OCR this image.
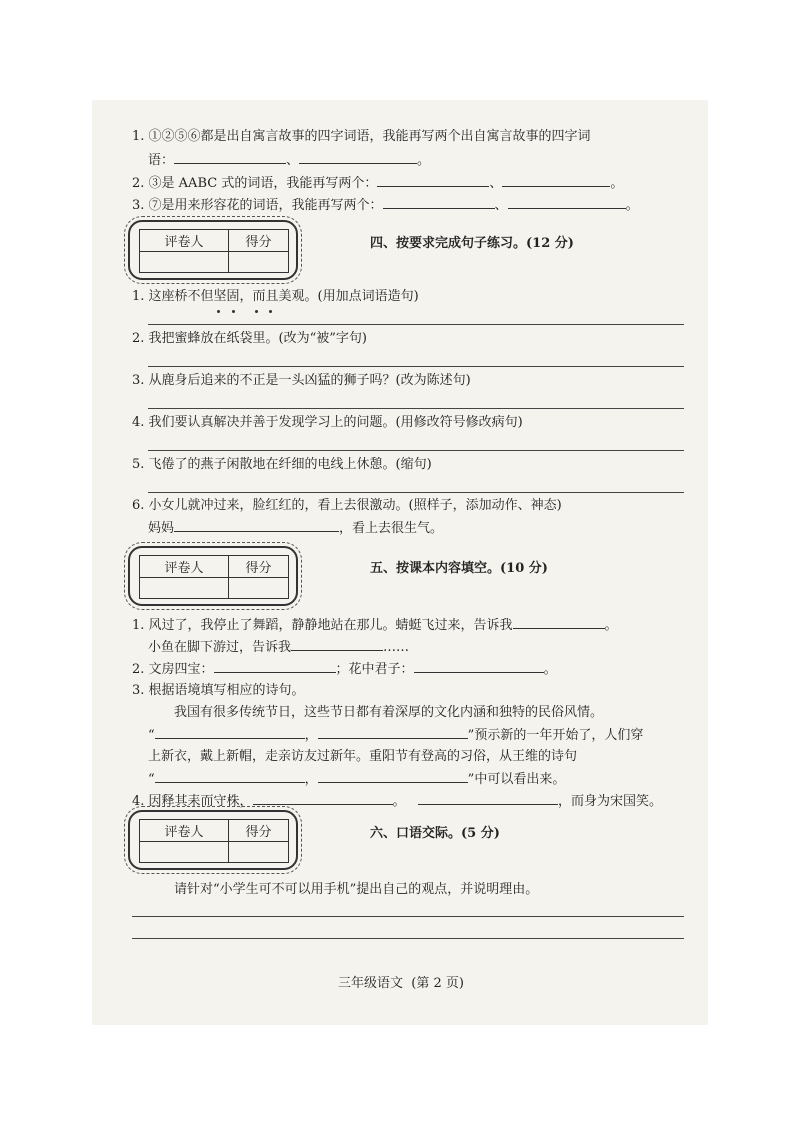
1. ①②⑤⑥都是出自寓言故事的四字词语，我能再写两个出自寓言故事的四字词
语：	、	。
2. ③是 AABC 式的词语，我能再写两个：	、	。
3. ⑦是用来形容花的词语，我能再写两个：	、	。
评卷人	得分
		四、按要求完成句子练习。(12 分)
1. 这座桥不但坚固，而且美观。(用加点词语造句)
2. 我把蜜蜂放在纸袋里。(改为“被”字句)
3. 从鹿身后追来的不正是一头凶猛的狮子吗？(改为陈述句)
4. 我们要认真解决并善于发现学习上的问题。(用修改符号修改病句)
5. 飞倦了的燕子闲散地在纤细的电线上休憩。(缩句)
6. 小女儿就冲过来，脸红红的，看上去很激动。(照样子，添加动作、神态)
妈妈	，看上去很生气。
评卷人	得分
		五、按课本内容填空。(10 分)
1. 风过了，我停止了舞蹈，静静地站在那儿。蜻蜓飞过来，告诉我	。
小鱼在脚下游过，告诉我	……
2. 文房四宝：	；花中君子：	。
3. 根据语境填写相应的诗句。
我国有很多传统节日，这些节日都有着深厚的文化内涵和独特的民俗风情。
“	，	”预示新的一年开始了，人们穿
上新衣，戴上新帽，走亲访友过新年。重阳节有登高的习俗，从王维的诗句
“	，	”中可以看出来。
4. 因释其耒而守株，	。	，而身为宋国笑。
评卷人	得分
		六、口语交际。(5 分)
请针对“小学生可不可以用手机”提出自己的观点，并说明理由。
三年级语文 (第 2 页)
